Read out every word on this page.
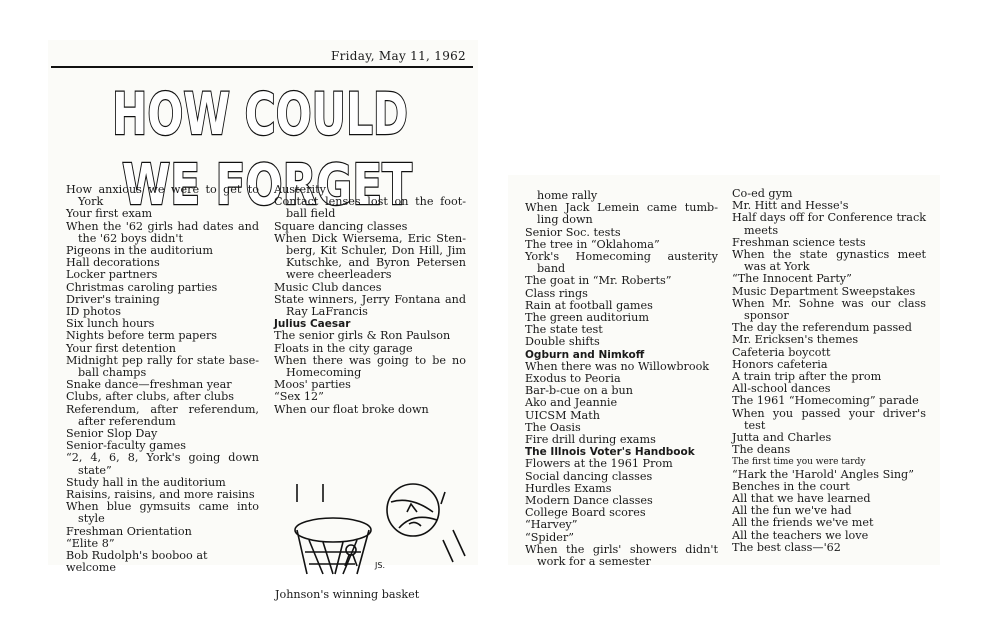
Friday, May 11, 1962
HOW COULD
WE FORGET
How anxious we were to get to
York
Your first exam
When the '62 girls had dates and
the '62 boys didn't
Pigeons in the auditorium
Hall decorations
Locker partners
Christmas caroling parties
Driver's training
ID photos
Six lunch hours
Nights before term papers
Your first detention
Midnight pep rally for state base-
ball champs
Snake dance—freshman year
Clubs, after clubs, after clubs
Referendum, after referendum,
after referendum
Senior Slop Day
Senior-faculty games
“2, 4, 6, 8, York's going down
state”
Study hall in the auditorium
Raisins, raisins, and more raisins
When blue gymsuits came into
style
Freshman Orientation
“Elite 8”
Bob Rudolph's booboo at welcome
Austerity
Contact lenses lost on the foot-
ball field
Square dancing classes
When Dick Wiersema, Eric Sten-
berg, Kit Schuler, Don Hill, Jim
Kutschke, and Byron Petersen
were cheerleaders
Music Club dances
State winners, Jerry Fontana and
Ray LaFrancis
Julius Caesar
The senior girls & Ron Paulson
Floats in the city garage
When there was going to be no
Homecoming
Moos' parties
“Sex 12”
When our float broke down
JS.
Johnson's winning basket
home rally
When Jack Lemein came tumb-
ling down
Senior Soc. tests
The tree in “Oklahoma”
York's Homecoming austerity
band
The goat in “Mr. Roberts”
Class rings
Rain at football games
The green auditorium
The state test
Double shifts
Ogburn and Nimkoff
When there was no Willowbrook
Exodus to Peoria
Bar-b-cue on a bun
Ako and Jeannie
UICSM Math
The Oasis
Fire drill during exams
The Illnois Voter's Handbook
Flowers at the 1961 Prom
Social dancing classes
Hurdles Exams
Modern Dance classes
College Board scores
“Harvey”
“Spider”
When the girls' showers didn't
work for a semester
Co-ed gym
Mr. Hitt and Hesse's
Half days off for Conference track
meets
Freshman science tests
When the state gynastics meet
was at York
“The Innocent Party”
Music Department Sweepstakes
When Mr. Sohne was our class
sponsor
The day the referendum passed
Mr. Ericksen's themes
Cafeteria boycott
Honors cafeteria
A train trip after the prom
All-school dances
The 1961 “Homecoming” parade
When you passed your driver's
test
Jutta and Charles
The deans
The first time you were tardy
“Hark the 'Harold' Angles Sing”
Benches in the court
All that we have learned
All the fun we've had
All the friends we've met
All the teachers we love
The best class—'62
